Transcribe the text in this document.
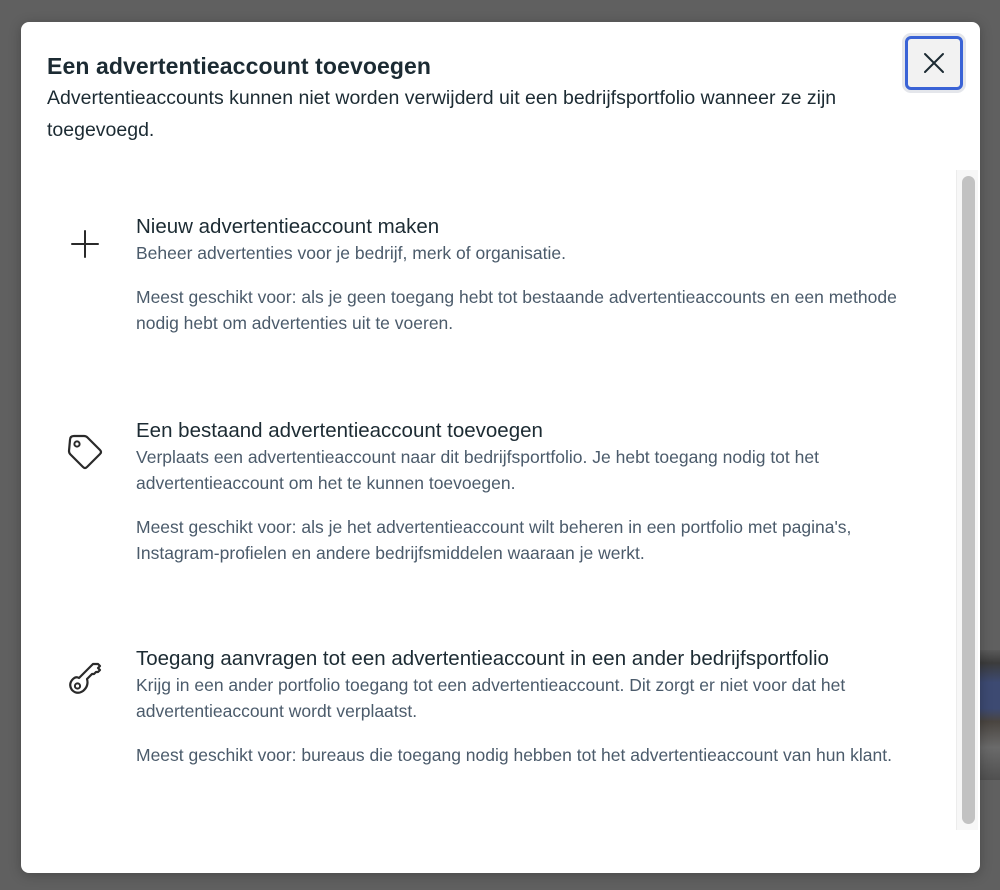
Een advertentieaccount toevoegen

Advertentieaccounts kunnen niet worden verwijderd uit een bedrijfsportfolio wanneer ze zijn toegevoegd.

Nieuw advertentieaccount maken

Beheer advertenties voor je bedrijf, merk of organisatie.

Meest geschikt voor: als je geen toegang hebt tot bestaande advertentieaccounts en een methode nodig hebt om advertenties uit te voeren.

Een bestaand advertentieaccount toevoegen

Verplaats een advertentieaccount naar dit bedrijfsportfolio. Je hebt toegang nodig tot het advertentieaccount om het te kunnen toevoegen.

Meest geschikt voor: als je het advertentieaccount wilt beheren in een portfolio met pagina's, Instagram-profielen en andere bedrijfsmiddelen waaraan je werkt.

Toegang aanvragen tot een advertentieaccount in een ander bedrijfsportfolio

Krijg in een ander portfolio toegang tot een advertentieaccount. Dit zorgt er niet voor dat het advertentieaccount wordt verplaatst.

Meest geschikt voor: bureaus die toegang nodig hebben tot het advertentieaccount van hun klant.
